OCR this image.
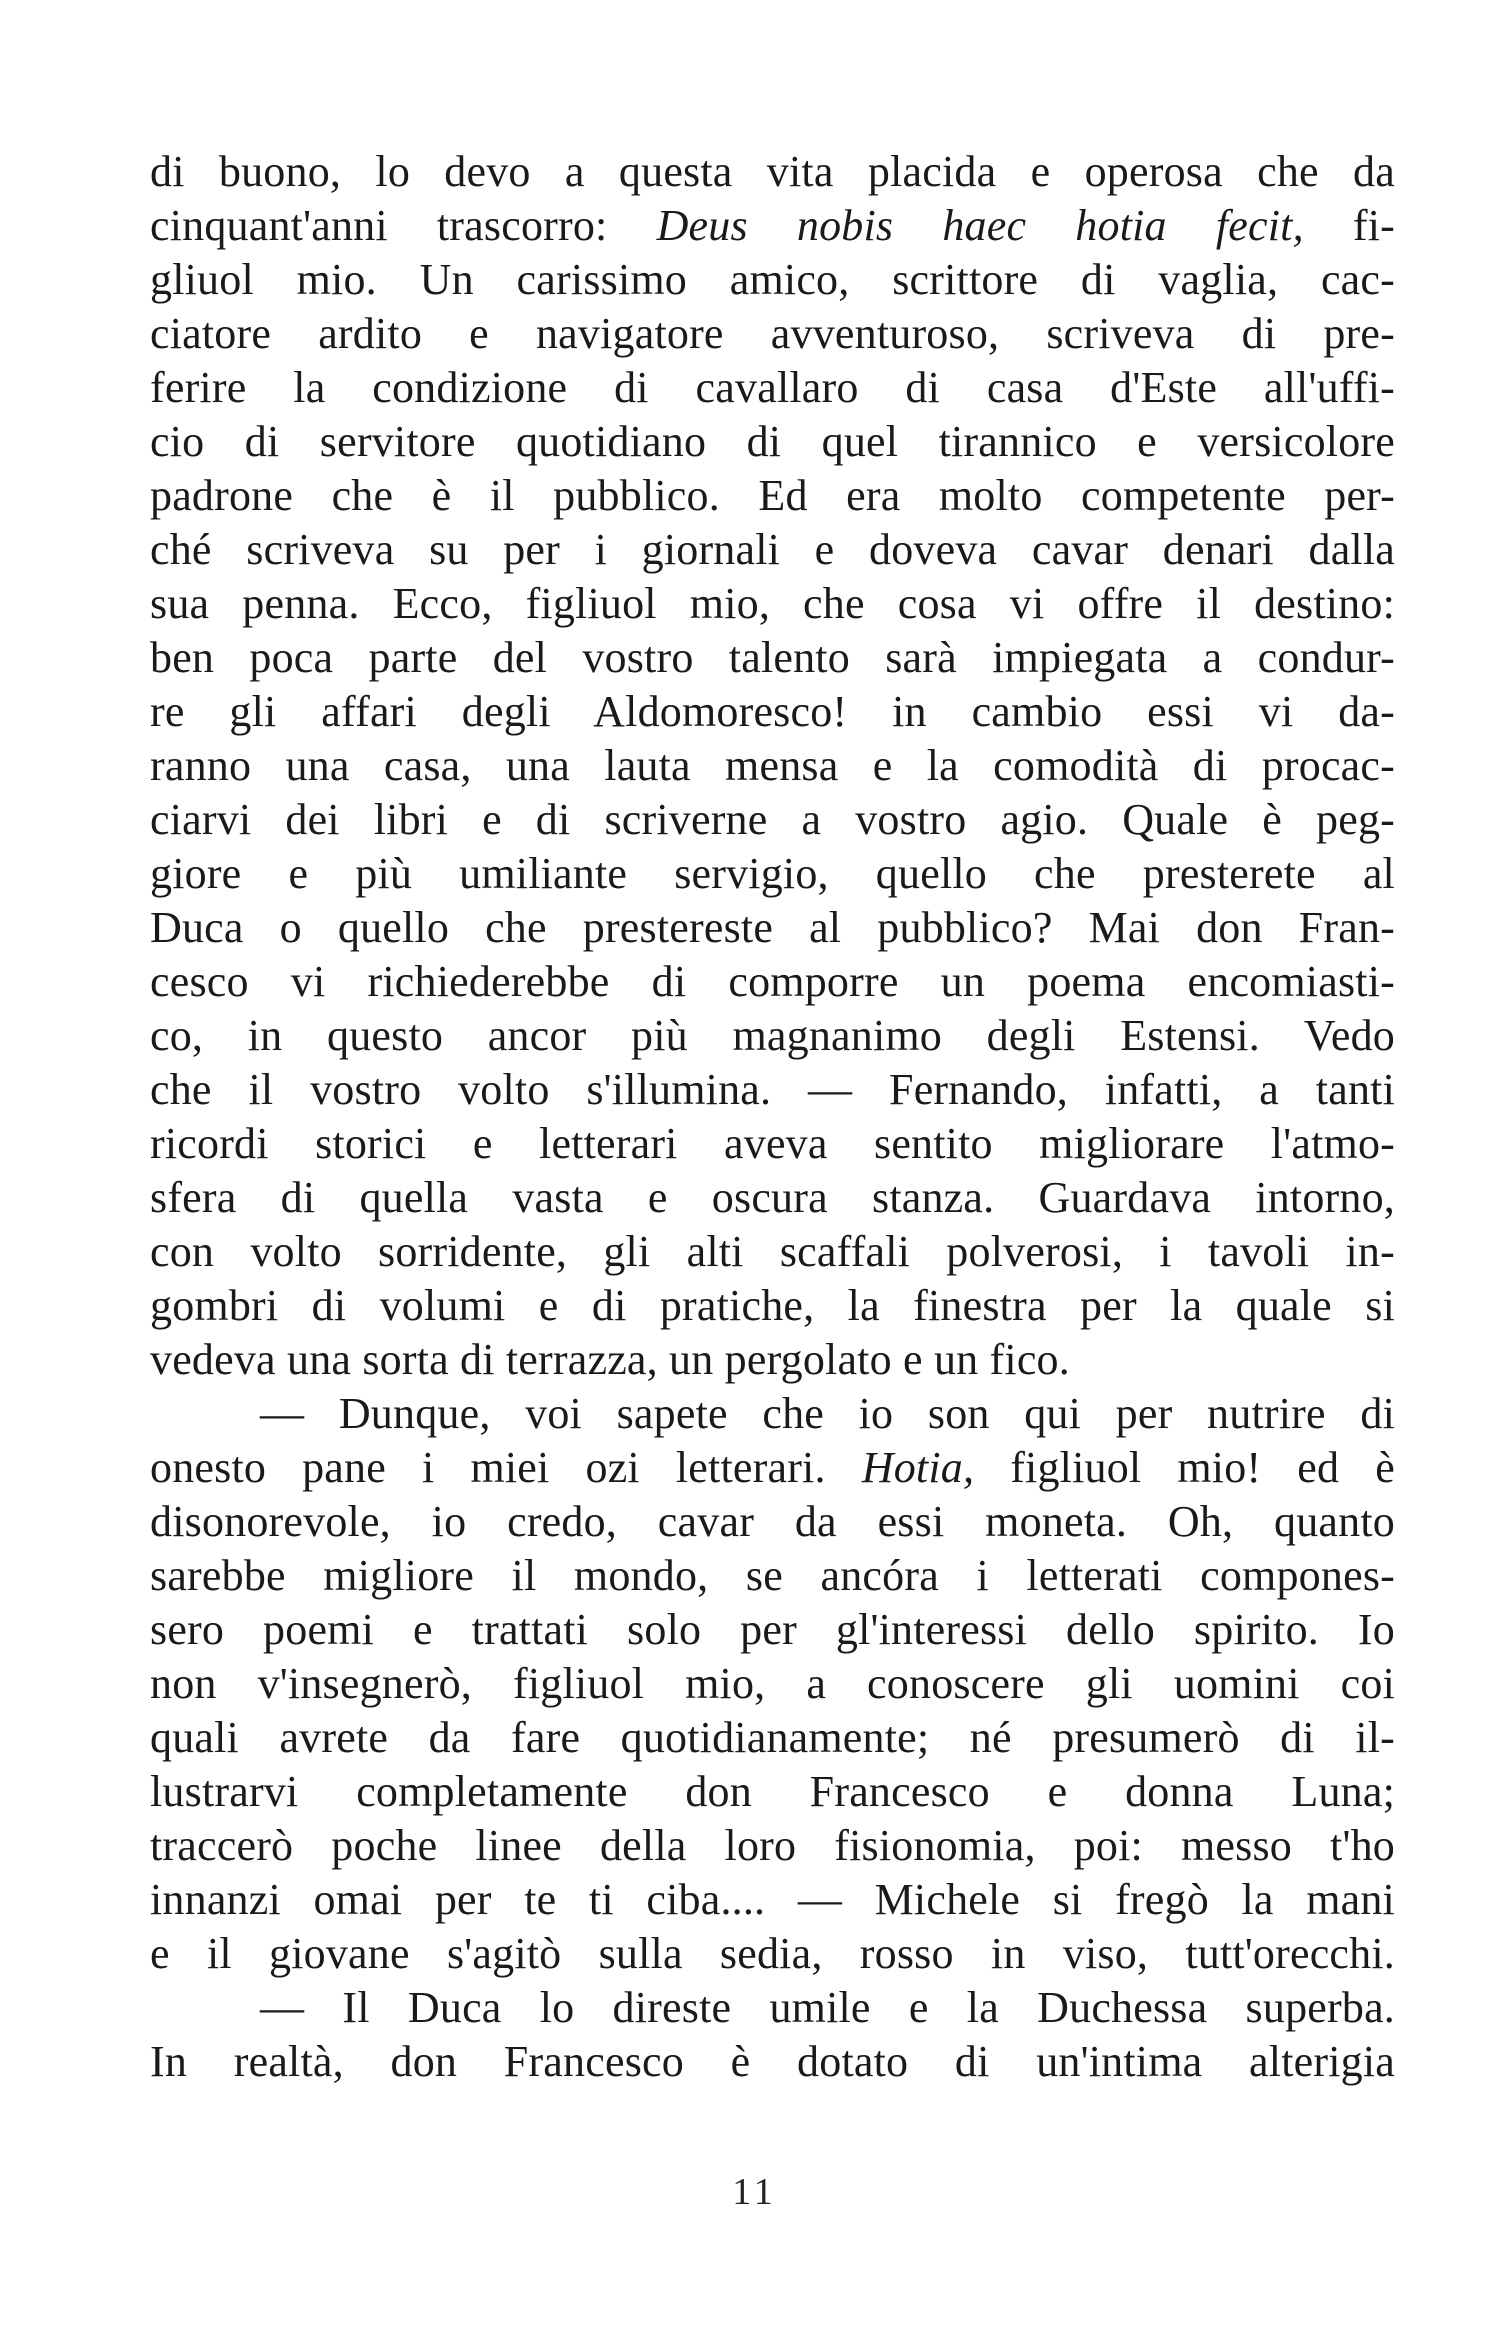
di buono, lo devo a questa vita placida e operosa che da
cinquant'anni trascorro: Deus nobis haec hotia fecit, fi-
gliuol mio. Un carissimo amico, scrittore di vaglia, cac-
ciatore ardito e navigatore avventuroso, scriveva di pre-
ferire la condizione di cavallaro di casa d'Este all'uffi-
cio di servitore quotidiano di quel tirannico e versicolore
padrone che è il pubblico. Ed era molto competente per-
ché scriveva su per i giornali e doveva cavar denari dalla
sua penna. Ecco, figliuol mio, che cosa vi offre il destino:
ben poca parte del vostro talento sarà impiegata a condur-
re gli affari degli Aldomoresco! in cambio essi vi da-
ranno una casa, una lauta mensa e la comodità di procac-
ciarvi dei libri e di scriverne a vostro agio. Quale è peg-
giore e più umiliante servigio, quello che presterete al
Duca o quello che prestereste al pubblico? Mai don Fran-
cesco vi richiederebbe di comporre un poema encomiasti-
co, in questo ancor più magnanimo degli Estensi. Vedo
che il vostro volto s'illumina. — Fernando, infatti, a tanti
ricordi storici e letterari aveva sentito migliorare l'atmo-
sfera di quella vasta e oscura stanza. Guardava intorno,
con volto sorridente, gli alti scaffali polverosi, i tavoli in-
gombri di volumi e di pratiche, la finestra per la quale si
vedeva una sorta di terrazza, un pergolato e un fico.
— Dunque, voi sapete che io son qui per nutrire di
onesto pane i miei ozi letterari. Hotia, figliuol mio! ed è
disonorevole, io credo, cavar da essi moneta. Oh, quanto
sarebbe migliore il mondo, se ancóra i letterati compones-
sero poemi e trattati solo per gl'interessi dello spirito. Io
non v'insegnerò, figliuol mio, a conoscere gli uomini coi
quali avrete da fare quotidianamente; né presumerò di il-
lustrarvi completamente don Francesco e donna Luna;
traccerò poche linee della loro fisionomia, poi: messo t'ho
innanzi omai per te ti ciba.... — Michele si fregò la mani
e il giovane s'agitò sulla sedia, rosso in viso, tutt'orecchi.
— Il Duca lo direste umile e la Duchessa superba.
In realtà, don Francesco è dotato di un'intima alterigia
11
